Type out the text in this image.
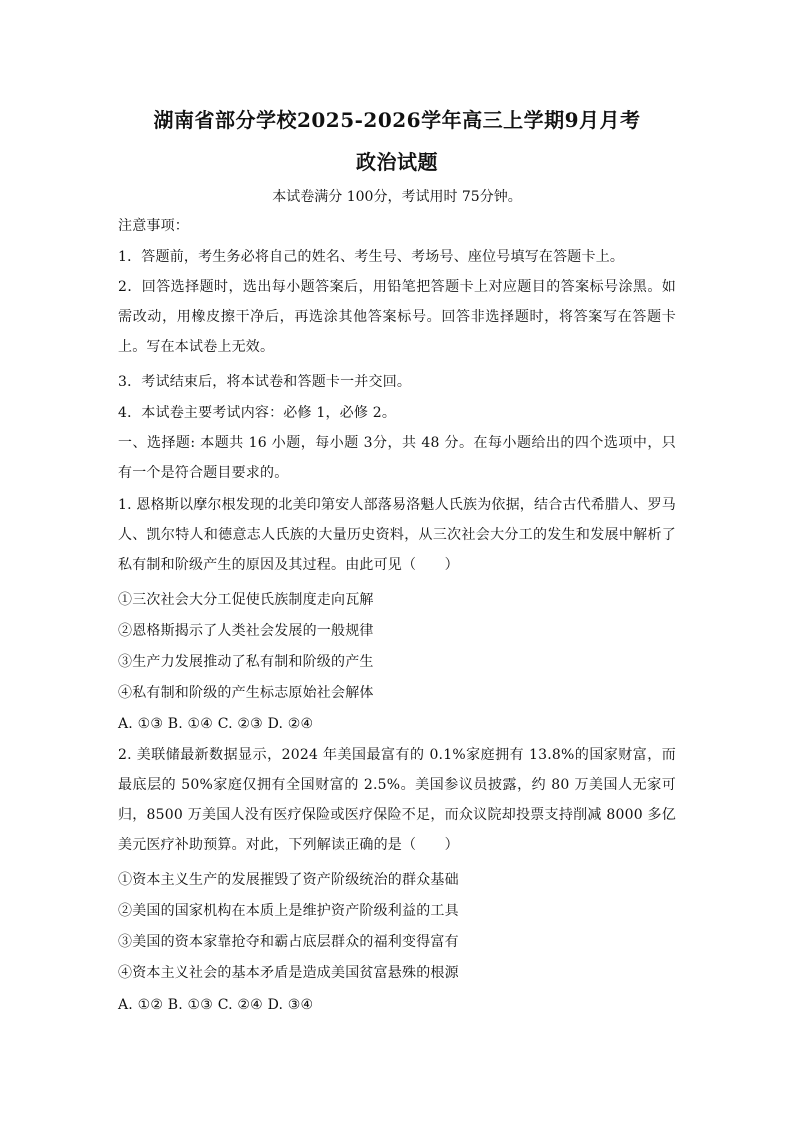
湖南省部分学校2025-2026学年高三上学期9月月考
政治试题
本试卷满分 100分，考试用时 75分钟。
注意事项：
1．答题前，考生务必将自己的姓名、考生号、考场号、座位号填写在答题卡上。
2．回答选择题时，选出每小题答案后，用铅笔把答题卡上对应题目的答案标号涂黑。如需改动，用橡皮擦干净后，再选涂其他答案标号。回答非选择题时，将答案写在答题卡上。写在本试卷上无效。
3．考试结束后，将本试卷和答题卡一并交回。
4．本试卷主要考试内容：必修 1，必修 2。
一、选择题: 本题共 16 小题，每小题 3分，共 48 分。在每小题给出的四个选项中，只有一个是符合题目要求的。
1. 恩格斯以摩尔根发现的北美印第安人部落易洛魁人氏族为依据，结合古代希腊人、罗马人、凯尔特人和德意志人氏族的大量历史资料，从三次社会大分工的发生和发展中解析了私有制和阶级产生的原因及其过程。由此可见（　　）
①三次社会大分工促使氏族制度走向瓦解
②恩格斯揭示了人类社会发展的一般规律
③生产力发展推动了私有制和阶级的产生
④私有制和阶级的产生标志原始社会解体
A. ①③ B. ①④ C. ②③ D. ②④
2. 美联储最新数据显示，2024 年美国最富有的 0.1%家庭拥有 13.8%的国家财富，而最底层的 50%家庭仅拥有全国财富的 2.5%。美国参议员披露，约 80 万美国人无家可归，8500 万美国人没有医疗保险或医疗保险不足，而众议院却投票支持削减 8000 多亿美元医疗补助预算。对此，下列解读正确的是（　　）
①资本主义生产的发展摧毁了资产阶级统治的群众基础
②美国的国家机构在本质上是维护资产阶级利益的工具
③美国的资本家靠抢夺和霸占底层群众的福利变得富有
④资本主义社会的基本矛盾是造成美国贫富悬殊的根源
A. ①② B. ①③ C. ②④ D. ③④
